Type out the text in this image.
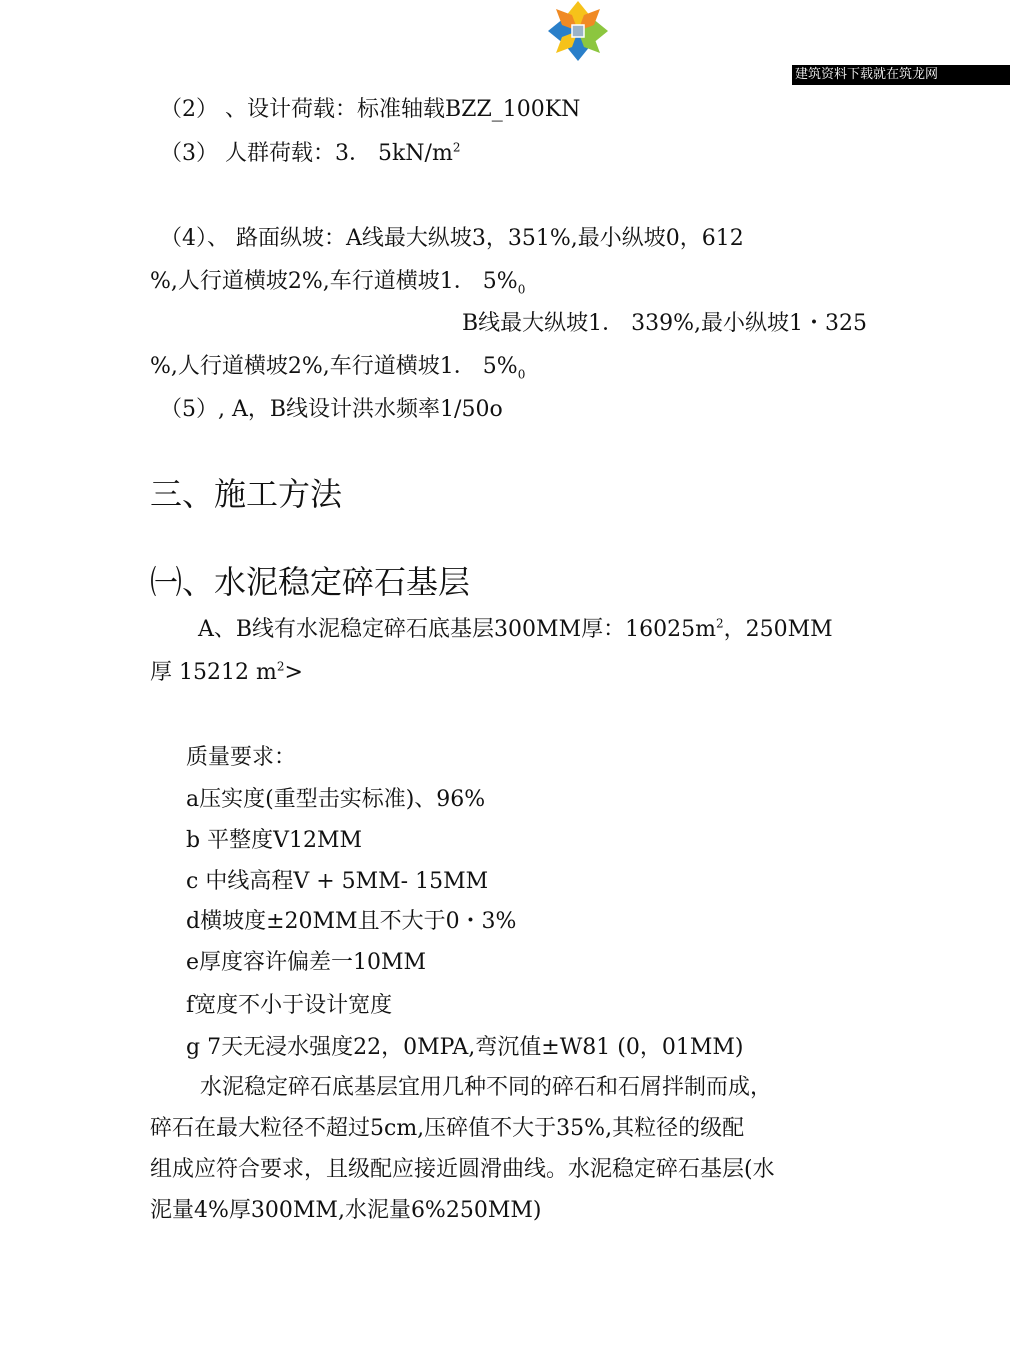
建筑资料下载就在筑龙网
（2） 、设计荷载：标准轴载BZZ_100KN
（3） 人群荷载：3． $5kN/m^2$
（4）、 路面纵坡：A线最大纵坡3，351%,最小纵坡0，612
%,人行道横坡2%,车行道横坡1． $5\%_0$
B线最大纵坡1． 339%,最小纵坡1・325
%,人行道横坡2%,车行道横坡1． $5\%_0$
（5）, A，B线设计洪水频率1/50o
三、施工方法
㈠、水泥稳定碎石基层
A、B线有水泥稳定碎石底基层300MM厚：$16025m^2$，250MM
厚 15212 $m^2>$
质量要求：
a压实度(重型击实标准)、96%
b 平整度V12MM
c 中线高程V + 5MM- 15MM
d横坡度±20MM且不大于0・3%
e厚度容许偏差一10MM
f宽度不小于设计宽度
g 7天无浸水强度22，0MPA,弯沉值±W81 (0，01MM)
水泥稳定碎石底基层宜用几种不同的碎石和石屑拌制而成，
碎石在最大粒径不超过5cm,压碎值不大于35%,其粒径的级配
组成应符合要求，且级配应接近圆滑曲线。水泥稳定碎石基层(水
泥量4%厚300MM,水泥量6%250MM)
